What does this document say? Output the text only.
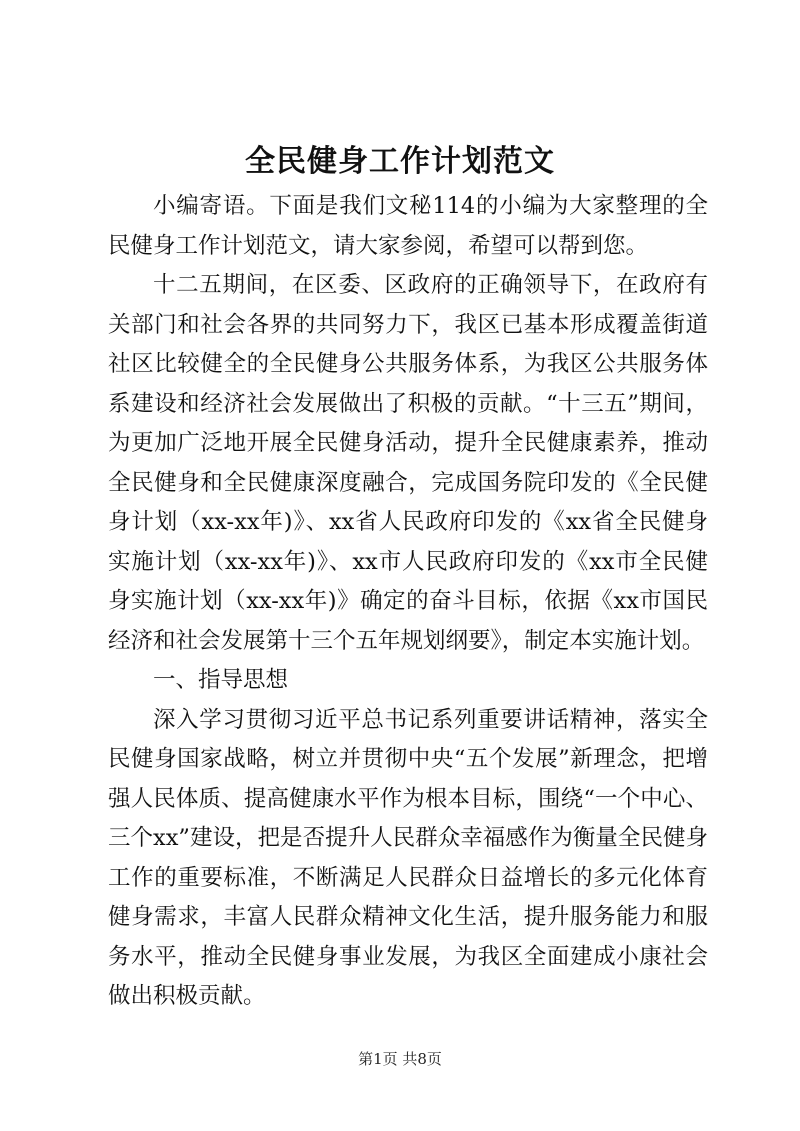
全民健身工作计划范文

小编寄语。下面是我们文秘114的小编为大家整理的全民健身工作计划范文，请大家参阅，希望可以帮到您。

十二五期间，在区委、区政府的正确领导下，在政府有关部门和社会各界的共同努力下，我区已基本形成覆盖街道社区比较健全的全民健身公共服务体系，为我区公共服务体系建设和经济社会发展做出了积极的贡献。“十三五”期间，为更加广泛地开展全民健身活动，提升全民健康素养，推动全民健身和全民健康深度融合，完成国务院印发的《全民健身计划（xx-xx年)》、xx省人民政府印发的《xx省全民健身实施计划（xx-xx年)》、xx市人民政府印发的《xx市全民健身实施计划（xx-xx年)》确定的奋斗目标，依据《xx市国民经济和社会发展第十三个五年规划纲要》，制定本实施计划。

一、指导思想

深入学习贯彻习近平总书记系列重要讲话精神，落实全民健身国家战略，树立并贯彻中央“五个发展”新理念，把增强人民体质、提高健康水平作为根本目标，围绕“一个中心、三个xx”建设，把是否提升人民群众幸福感作为衡量全民健身工作的重要标准，不断满足人民群众日益增长的多元化体育健身需求，丰富人民群众精神文化生活，提升服务能力和服务水平，推动全民健身事业发展，为我区全面建成小康社会做出积极贡献。

第1页 共8页
